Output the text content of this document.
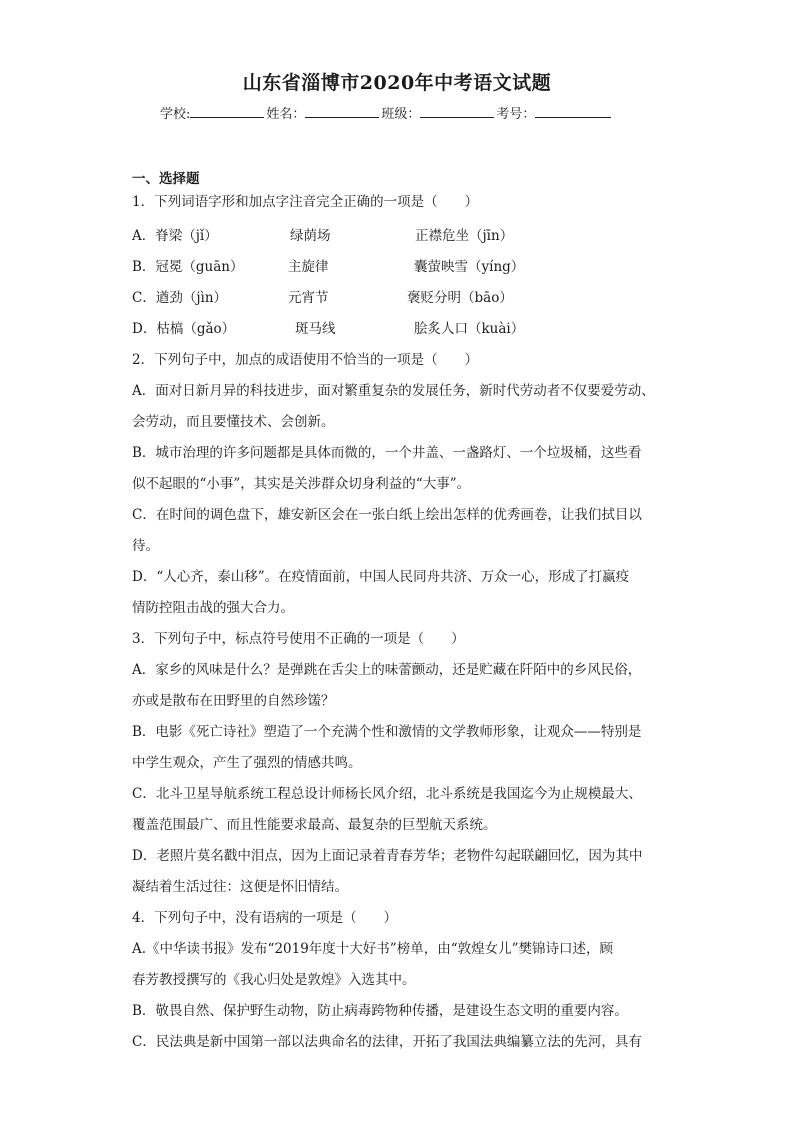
山东省淄博市2020年中考语文试题
学校:	姓名：	班级：	考号：
一、选择题
1．下列词语字形和加点字注音完全正确的一项是（　　）
A．脊梁（jǐ）	绿荫场	正襟危坐（jīn）
B．冠冕（guān）	主旋律	囊萤映雪（yíng）
C．遒劲（jìn）	元宵节	褒贬分明（bāo）
D．枯槁（gǎo）	斑马线	脍炙人口（kuài）
2．下列句子中，加点的成语使用不恰当的一项是（　　）
A．面对日新月异的科技进步，面对繁重复杂的发展任务，新时代劳动者不仅要爱劳动、
会劳动，而且要懂技术、会创新。
B．城市治理的许多问题都是具体而微的，一个井盖、一盏路灯、一个垃圾桶，这些看
似不起眼的“小事”，其实是关涉群众切身利益的“大事”。
C．在时间的调色盘下，雄安新区会在一张白纸上绘出怎样的优秀画卷，让我们拭目以
待。
D．“人心齐，泰山移”。在疫情面前，中国人民同舟共济、万众一心，形成了打赢疫
情防控阻击战的强大合力。
3．下列句子中，标点符号使用不正确的一项是（　　）
A．家乡的风味是什么？是弹跳在舌尖上的味蕾颤动，还是贮藏在阡陌中的乡风民俗，
亦或是散布在田野里的自然珍馐？
B．电影《死亡诗社》塑造了一个充满个性和激情的文学教师形象，让观众——特别是
中学生观众，产生了强烈的情感共鸣。
C．北斗卫星导航系统工程总设计师杨长风介绍，北斗系统是我国迄今为止规模最大、
覆盖范围最广、而且性能要求最高、最复杂的巨型航天系统。
D．老照片莫名戳中泪点，因为上面记录着青春芳华；老物件勾起联翩回忆，因为其中
凝结着生活过往：这便是怀旧情结。
4．下列句子中，没有语病的一项是（　　）
A.《中华读书报》发布“2019年度十大好书”榜单，由“敦煌女儿”樊锦诗口述，顾
春芳教授撰写的《我心归处是敦煌》入选其中。
B．敬畏自然、保护野生动物，防止病毒跨物种传播，是建设生态文明的重要内容。
C．民法典是新中国第一部以法典命名的法律，开拓了我国法典编纂立法的先河，具有
